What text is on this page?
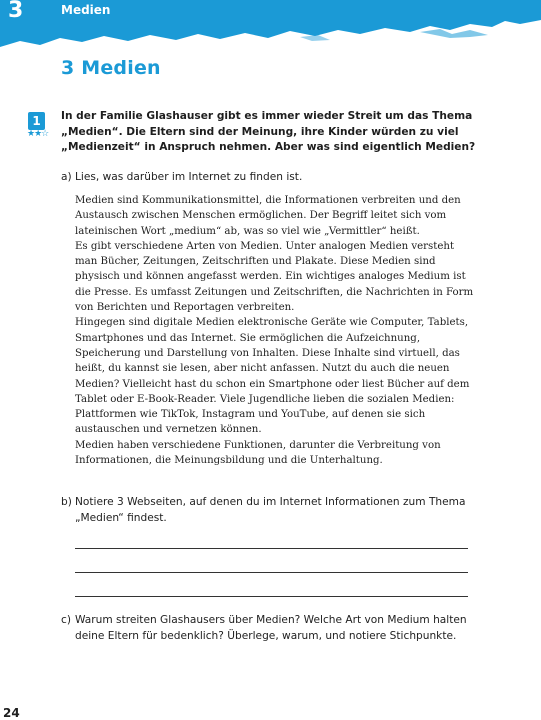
3	Medien
3 Medien
1
★★☆

In der Familie Glashauser gibt es immer wieder Streit um das Thema „Medien“. Die Eltern sind der Meinung, ihre Kinder würden zu viel „Medienzeit“ in Anspruch nehmen. Aber was sind eigentlich Medien?

a) Lies, was darüber im Internet zu finden ist.

Medien sind Kommunikationsmittel, die Informationen verbreiten und den Austausch zwischen Menschen ermöglichen. Der Begriff leitet sich vom lateinischen Wort „medium“ ab, was so viel wie „Vermittler“ heißt.

Es gibt verschiedene Arten von Medien. Unter analogen Medien versteht man Bücher, Zeitungen, Zeitschriften und Plakate. Diese Medien sind physisch und können angefasst werden. Ein wichtiges analoges Medium ist die Presse. Es umfasst Zeitungen und Zeitschriften, die Nachrichten in Form von Berichten und Reportagen verbreiten.

Hingegen sind digitale Medien elektronische Geräte wie Computer, Tablets, Smartphones und das Internet. Sie ermöglichen die Aufzeichnung, Speicherung und Darstellung von Inhalten. Diese Inhalte sind virtuell, das heißt, du kannst sie lesen, aber nicht anfassen. Nutzt du auch die neuen Medien? Vielleicht hast du schon ein Smartphone oder liest Bücher auf dem Tablet oder E-Book-Reader. Viele Jugendliche lieben die sozialen Medien: Plattformen wie TikTok, Instagram und YouTube, auf denen sie sich austauschen und vernetzen können.

Medien haben verschiedene Funktionen, darunter die Verbreitung von Informationen, die Meinungsbildung und die Unterhaltung.

b) Notiere 3 Webseiten, auf denen du im Internet Informationen zum Thema „Medien“ findest.

c) Warum streiten Glashausers über Medien? Welche Art von Medium halten deine Eltern für bedenklich? Überlege, warum, und notiere Stichpunkte.

24
